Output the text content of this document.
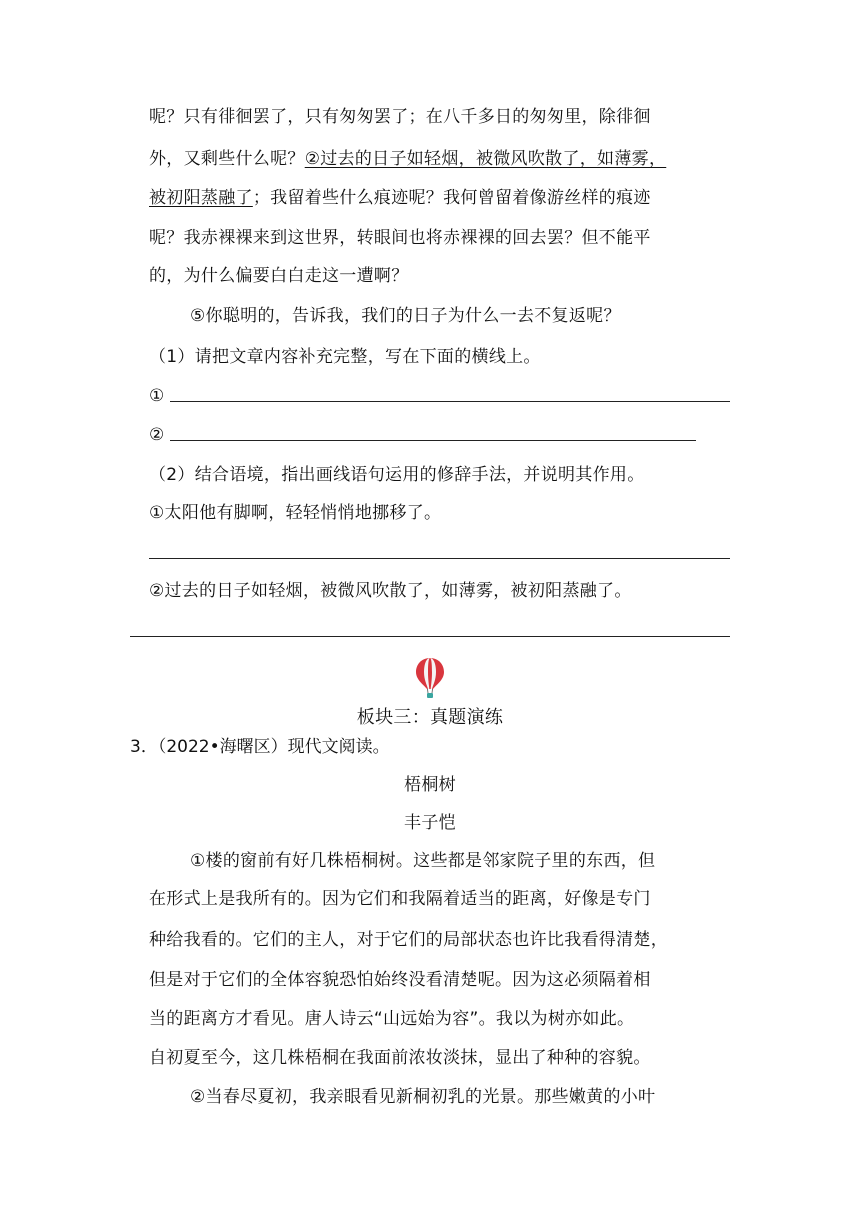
呢？只有徘徊罢了，只有匆匆罢了；在八千多日的匆匆里，除徘徊
外，又剩些什么呢？②过去的日子如轻烟，被微风吹散了，如薄雾，
被初阳蒸融了；我留着些什么痕迹呢？我何曾留着像游丝样的痕迹
呢？我赤裸裸来到这世界，转眼间也将赤裸裸的回去罢？但不能平
的，为什么偏要白白走这一遭啊？
⑤你聪明的，告诉我，我们的日子为什么一去不复返呢？
（1）请把文章内容补充完整，写在下面的横线上。
①
②
（2）结合语境，指出画线语句运用的修辞手法，并说明其作用。
①太阳他有脚啊，轻轻悄悄地挪移了。
②过去的日子如轻烟，被微风吹散了，如薄雾，被初阳蒸融了。
板块三：真题演练
3．（2022•海曙区）现代文阅读。
梧桐树
丰子恺
①楼的窗前有好几株梧桐树。这些都是邻家院子里的东西，但
在形式上是我所有的。因为它们和我隔着适当的距离，好像是专门
种给我看的。它们的主人，对于它们的局部状态也许比我看得清楚，
但是对于它们的全体容貌恐怕始终没看清楚呢。因为这必须隔着相
当的距离方才看见。唐人诗云“山远始为容”。我以为树亦如此。
自初夏至今，这几株梧桐在我面前浓妆淡抹，显出了种种的容貌。
②当春尽夏初，我亲眼看见新桐初乳的光景。那些嫩黄的小叶
